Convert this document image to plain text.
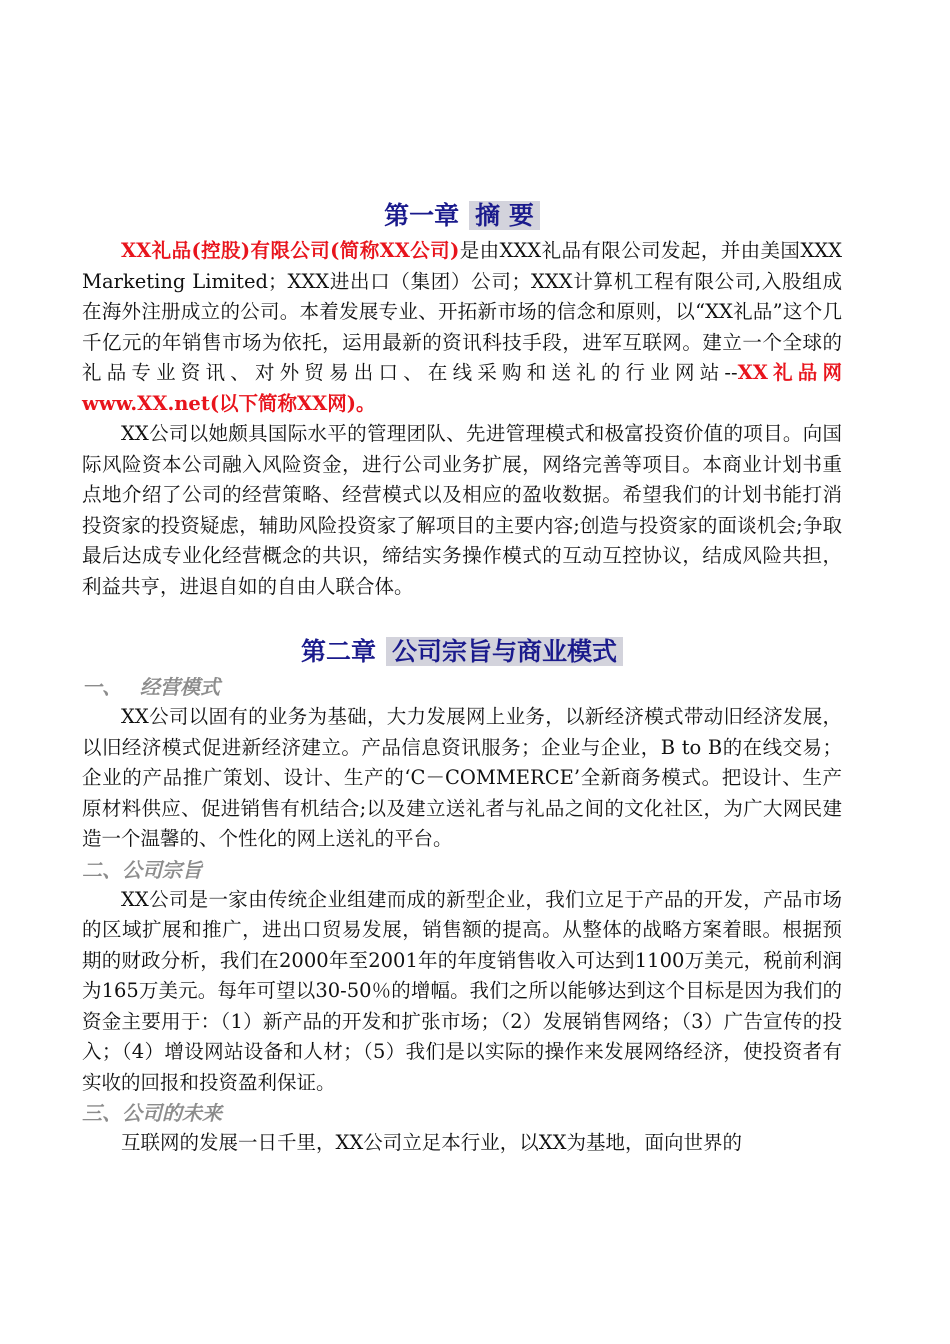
第一章 摘 要

XX礼品(控股)有限公司(简称XX公司)是由XXX礼品有限公司发起，并由美国XXX Marketing Limited；XXX进出口（集团）公司；XXX计算机工程有限公司,入股组成在海外注册成立的公司。本着发展专业、开拓新市场的信念和原则，以“XX礼品”这个几千亿元的年销售市场为依托，运用最新的资讯科技手段，进军互联网。建立一个全球的礼品专业资讯、对外贸易出口、在线采购和送礼的行业网站--XX礼品网 www.XX.net(以下简称XX网)。

XX公司以她颇具国际水平的管理团队、先进管理模式和极富投资价值的项目。向国际风险资本公司融入风险资金，进行公司业务扩展，网络完善等项目。本商业计划书重点地介绍了公司的经营策略、经营模式以及相应的盈收数据。希望我们的计划书能打消投资家的投资疑虑，辅助风险投资家了解项目的主要内容;创造与投资家的面谈机会;争取最后达成专业化经营概念的共识，缔结实务操作模式的互动互控协议，结成风险共担，利益共亨，进退自如的自由人联合体。

第二章 公司宗旨与商业模式
一、 经营模式

XX公司以固有的业务为基础，大力发展网上业务，以新经济模式带动旧经济发展，以旧经济模式促进新经济建立。产品信息资讯服务；企业与企业，B to B的在线交易；企业的产品推广策划、设计、生产的‘C－COMMERCE’全新商务模式。把设计、生产原材料供应、促进销售有机结合;以及建立送礼者与礼品之间的文化社区，为广大网民建造一个温馨的、个性化的网上送礼的平台。

二、公司宗旨

XX公司是一家由传统企业组建而成的新型企业，我们立足于产品的开发，产品市场的区域扩展和推广，进出口贸易发展，销售额的提高。从整体的战略方案着眼。根据预期的财政分析，我们在2000年至2001年的年度销售收入可达到1100万美元，税前利润为165万美元。每年可望以30-50％的增幅。我们之所以能够达到这个目标是因为我们的资金主要用于：（1）新产品的开发和扩张市场；（2）发展销售网络；（3）广告宣传的投入；（4）增设网站设备和人材；（5）我们是以实际的操作来发展网络经济，使投资者有实收的回报和投资盈利保证。

三、公司的未来

互联网的发展一日千里，XX公司立足本行业，以XX为基地，面向世界的
